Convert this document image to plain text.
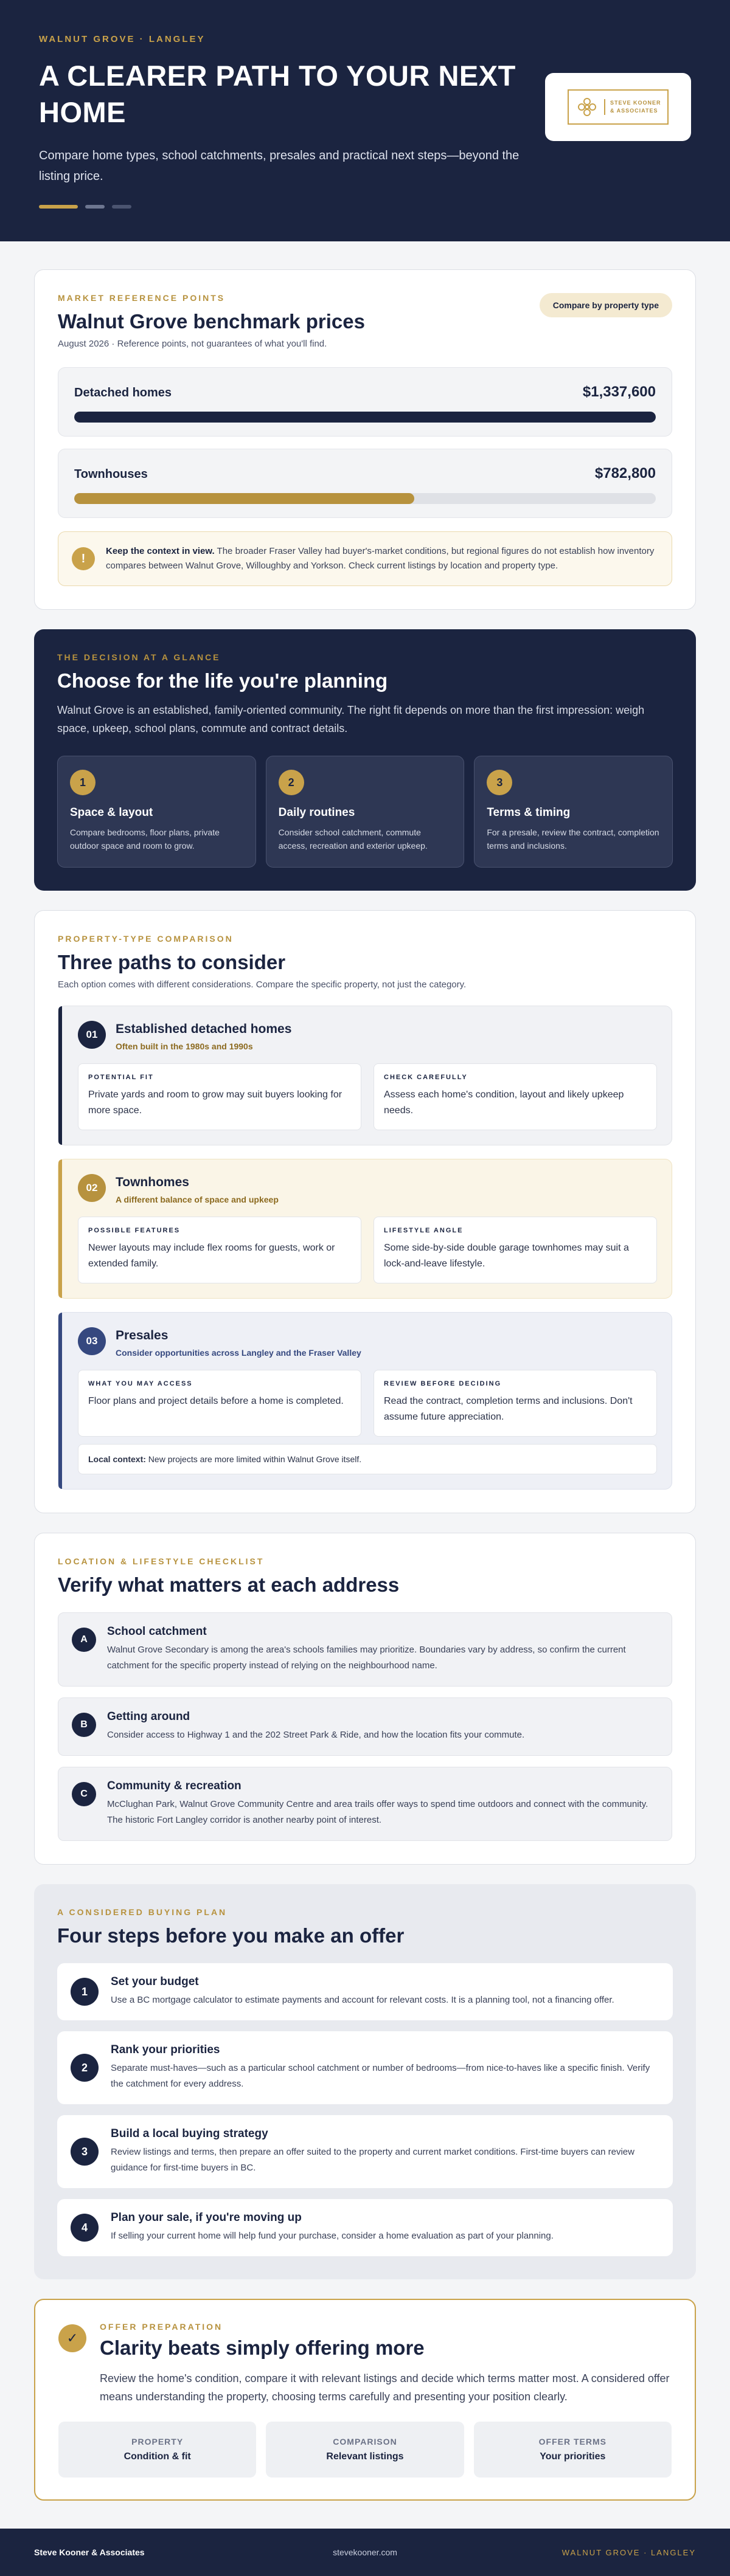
WALNUT GROVE · LANGLEY
A CLEARER PATH TO YOUR NEXT HOME

Compare home types, school catchments, presales and practical next steps—beyond the listing price.

STEVE KOONER
& ASSOCIATES
MARKET REFERENCE POINTS
Walnut Grove benchmark prices

August 2026 · Reference points, not guarantees of what you'll find.

Compare by property type
Detached homes	$1,337,600
Townhouses	$782,800
!

Keep the context in view. The broader Fraser Valley had buyer's-market conditions, but regional figures do not establish how inventory compares between Walnut Grove, Willoughby and Yorkson. Check current listings by location and property type.

THE DECISION AT A GLANCE
Choose for the life you're planning

Walnut Grove is an established, family-oriented community. The right fit depends on more than the first impression: weigh space, upkeep, school plans, commute and contract details.

1
Space & layout

Compare bedrooms, floor plans, private outdoor space and room to grow.

2
Daily routines

Consider school catchment, commute access, recreation and exterior upkeep.

3
Terms & timing

For a presale, review the contract, completion terms and inclusions.

PROPERTY-TYPE COMPARISON
Three paths to consider

Each option comes with different considerations. Compare the specific property, not just the category.

01	Established detached homes
Often built in the 1980s and 1990s
POTENTIAL FIT
Private yards and room to grow may suit buyers looking for more space.
CHECK CAREFULLY
Assess each home's condition, layout and likely upkeep needs.
02	Townhomes
A different balance of space and upkeep
POSSIBLE FEATURES
Newer layouts may include flex rooms for guests, work or extended family.
LIFESTYLE ANGLE
Some side-by-side double garage townhomes may suit a lock-and-leave lifestyle.
03	Presales
Consider opportunities across Langley and the Fraser Valley
WHAT YOU MAY ACCESS
Floor plans and project details before a home is completed.
REVIEW BEFORE DECIDING
Read the contract, completion terms and inclusions. Don't assume future appreciation.
Local context: New projects are more limited within Walnut Grove itself.
LOCATION & LIFESTYLE CHECKLIST
Verify what matters at each address
A
School catchment
Walnut Grove Secondary is among the area's schools families may prioritize. Boundaries vary by address, so confirm the current catchment for the specific property instead of relying on the neighbourhood name.
B
Getting around
Consider access to Highway 1 and the 202 Street Park & Ride, and how the location fits your commute.
C
Community & recreation
McClughan Park, Walnut Grove Community Centre and area trails offer ways to spend time outdoors and connect with the community. The historic Fort Langley corridor is another nearby point of interest.
A CONSIDERED BUYING PLAN
Four steps before you make an offer
1
Set your budget
Use a BC mortgage calculator to estimate payments and account for relevant costs. It is a planning tool, not a financing offer.
2
Rank your priorities
Separate must-haves—such as a particular school catchment or number of bedrooms—from nice-to-haves like a specific finish. Verify the catchment for every address.
3
Build a local buying strategy
Review listings and terms, then prepare an offer suited to the property and current market conditions. First-time buyers can review guidance for first-time buyers in BC.
4
Plan your sale, if you're moving up
If selling your current home will help fund your purchase, consider a home evaluation as part of your planning.
✓
OFFER PREPARATION
Clarity beats simply offering more

Review the home's condition, compare it with relevant listings and decide which terms matter most. A considered offer means understanding the property, choosing terms carefully and presenting your position clearly.

PROPERTY
Condition & fit
COMPARISON
Relevant listings
OFFER TERMS
Your priorities
Steve Kooner & Associates	stevekooner.com	WALNUT GROVE · LANGLEY
